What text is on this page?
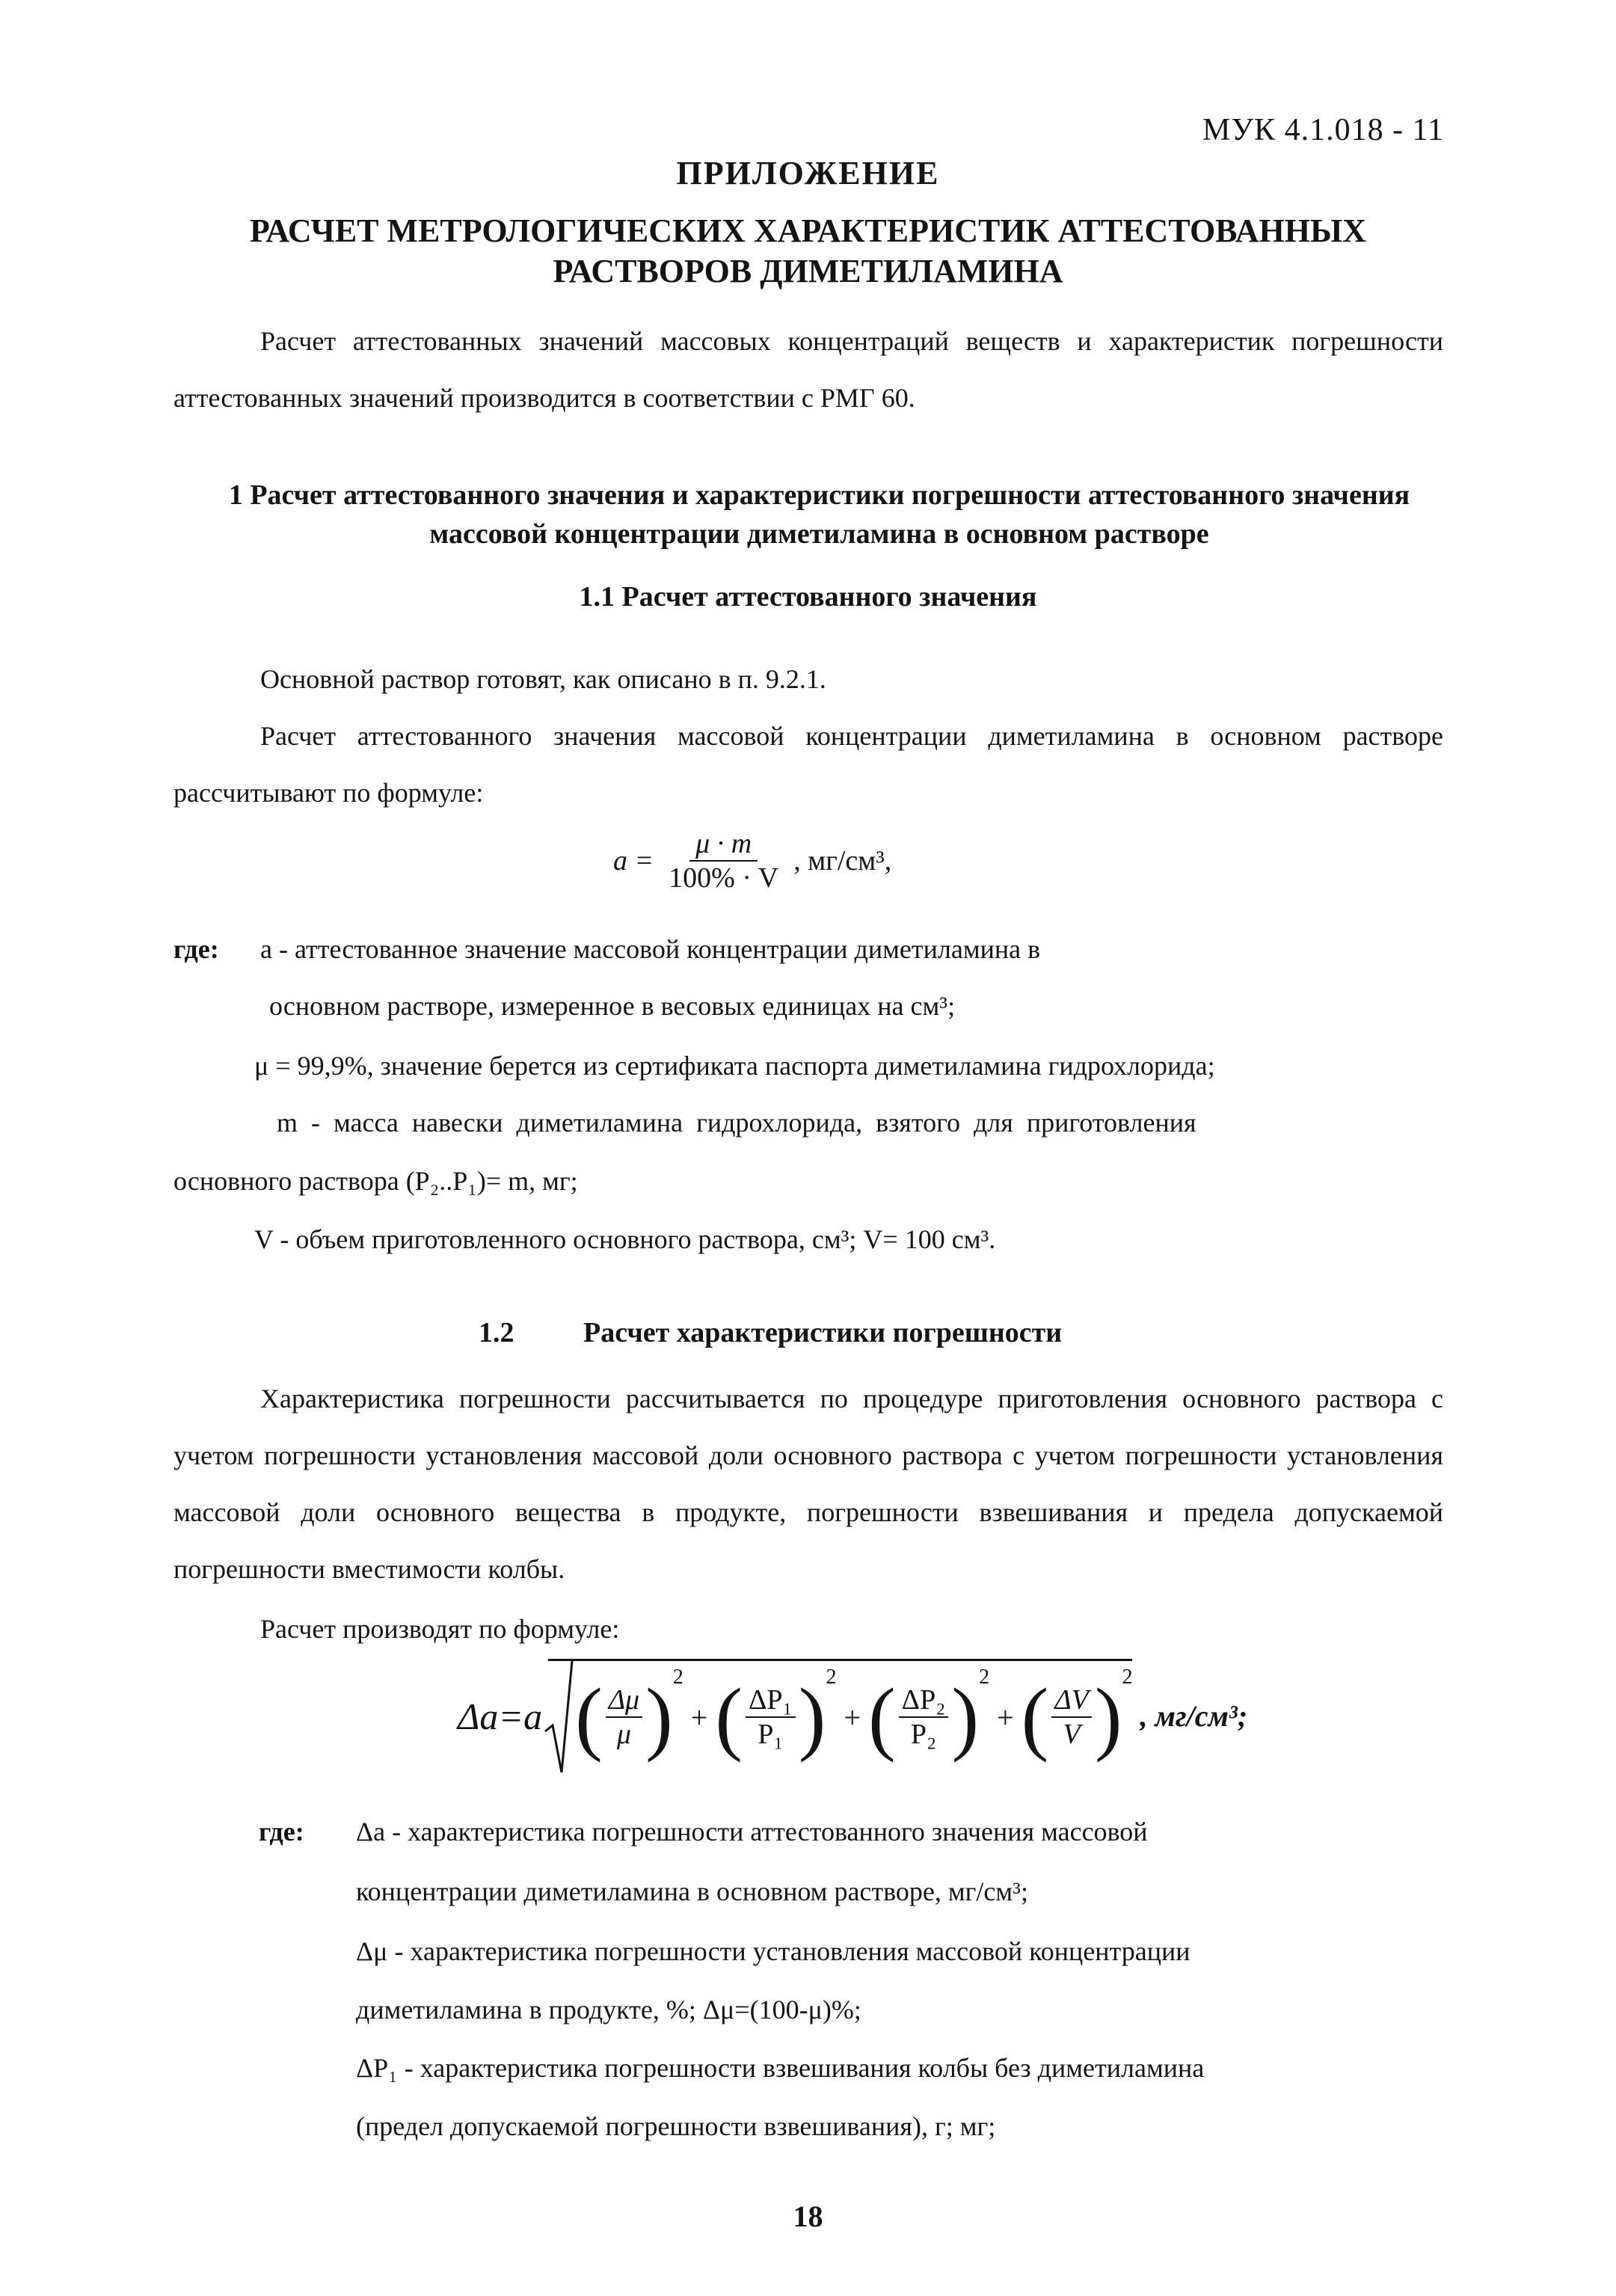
МУК 4.1.018 - 11
ПРИЛОЖЕНИЕ
РАСЧЕТ МЕТРОЛОГИЧЕСКИХ ХАРАКТЕРИСТИК АТТЕСТОВАННЫХ РАСТВОРОВ ДИМЕТИЛАМИНА
Расчет аттестованных значений массовых концентраций веществ и характеристик погрешности аттестованных значений производится в соответствии с РМГ 60.
1 Расчет аттестованного значения и характеристики погрешности аттестованного значения массовой концентрации диметиламина в основном растворе
1.1 Расчет аттестованного значения
Основной раствор готовят, как описано в п. 9.2.1.
Расчет аттестованного значения массовой концентрации диметиламина в основном растворе рассчитывают по формуле:
$a = \frac{\mu \cdot m}{100\% \cdot V}$ , мг/см³,
где: a - аттестованное значение массовой концентрации диметиламина в
основном растворе, измеренное в весовых единицах на см³;
μ = 99,9%, значение берется из сертификата паспорта диметиламина гидрохлорида;
m  -  масса  навески  диметиламина  гидрохлорида,  взятого  для  приготовления
основного раствора (P₂..P₁)= m, мг;
V - объем приготовленного основного раствора, см³; V= 100 см³.
1.2 Расчет характеристики погрешности
Характеристика погрешности рассчитывается по процедуре приготовления основного раствора с учетом погрешности установления массовой доли основного раствора с учетом погрешности установления массовой доли основного вещества в продукте, погрешности взвешивания и предела допускаемой погрешности вместимости колбы.
Расчет производят по формуле:
Δa=a ( $\frac{\Delta\mu}{\mu}$ ) 2
+ ( $\frac{\text{ΔP₁}}{\text{P₁}}$ ) 2
+ ( $\frac{\text{ΔP₂}}{\text{P₂}}$ ) 2
+ ( $\frac{\Delta V}{V}$ ) 2
, мг/см³;
где: Δa - характеристика погрешности аттестованного значения массовой
концентрации диметиламина в основном растворе, мг/см³;
Δμ - характеристика погрешности установления массовой концентрации
диметиламина в продукте, %; Δμ=(100-μ)%;
ΔP₁ - характеристика погрешности взвешивания колбы без диметиламина
(предел допускаемой погрешности взвешивания), г; мг;
18
